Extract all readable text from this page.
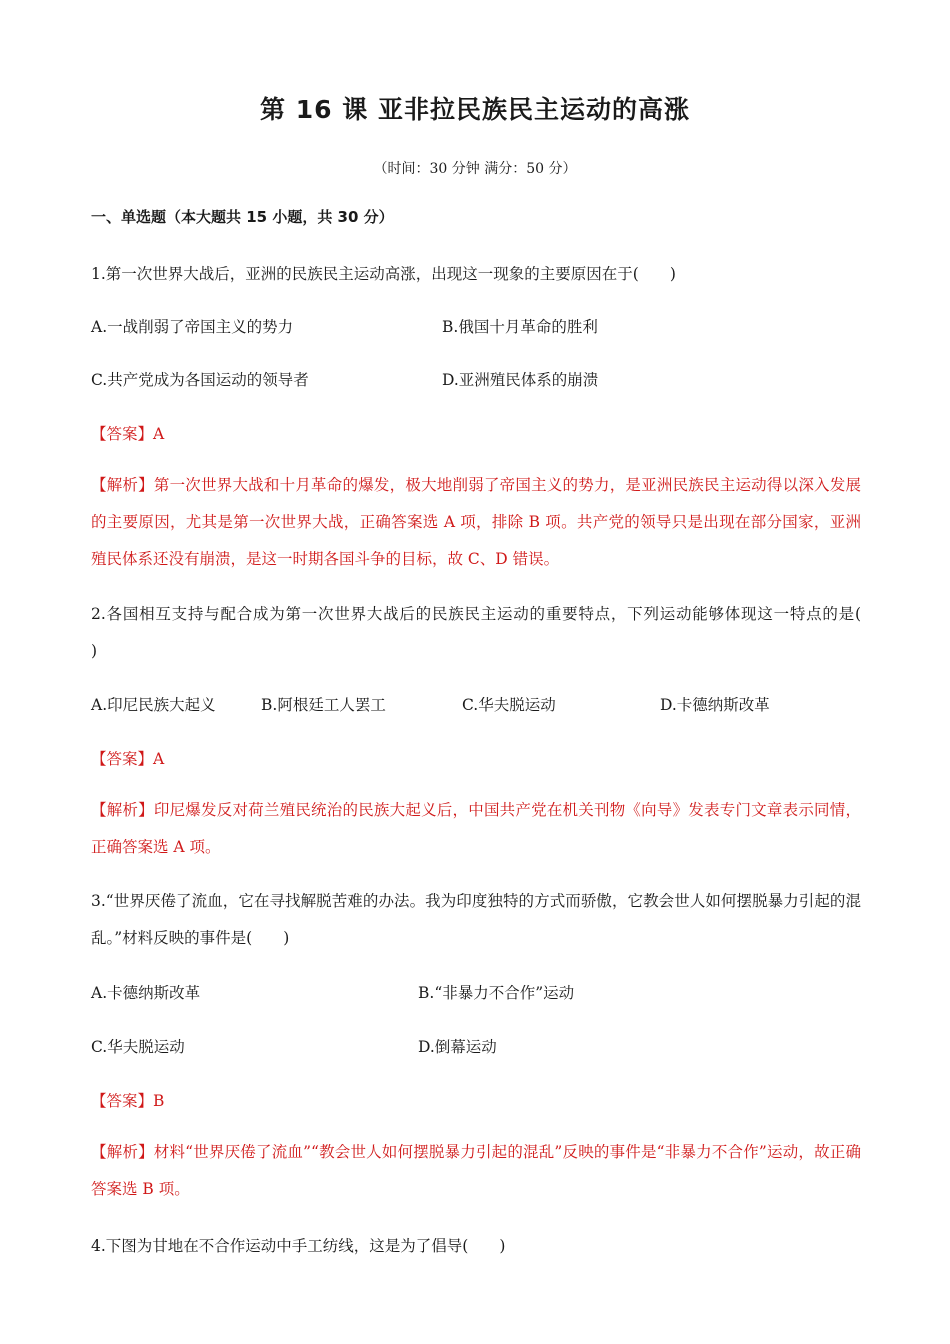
第 16 课 亚非拉民族民主运动的高涨
（时间：30 分钟 满分：50 分）
一、单选题（本大题共 15 小题，共 30 分）
1.第一次世界大战后，亚洲的民族民主运动高涨，出现这一现象的主要原因在于(　　)
A.一战削弱了帝国主义的势力	B.俄国十月革命的胜利
C.共产党成为各国运动的领导者	D.亚洲殖民体系的崩溃
【答案】A
【解析】第一次世界大战和十月革命的爆发，极大地削弱了帝国主义的势力，是亚洲民族民主运动得以深入发展的主要原因，尤其是第一次世界大战，正确答案选 A 项，排除 B 项。共产党的领导只是出现在部分国家，亚洲殖民体系还没有崩溃，是这一时期各国斗争的目标，故 C、D 错误。
2.各国相互支持与配合成为第一次世界大战后的民族民主运动的重要特点，下列运动能够体现这一特点的是(　　)
A.印尼民族大起义	B.阿根廷工人罢工	C.华夫脱运动	D.卡德纳斯改革
【答案】A
【解析】印尼爆发反对荷兰殖民统治的民族大起义后，中国共产党在机关刊物《向导》发表专门文章表示同情，正确答案选 A 项。
3.“世界厌倦了流血，它在寻找解脱苦难的办法。我为印度独特的方式而骄傲，它教会世人如何摆脱暴力引起的混乱。”材料反映的事件是(　　)
A.卡德纳斯改革	B.“非暴力不合作”运动
C.华夫脱运动	D.倒幕运动
【答案】B
【解析】材料“世界厌倦了流血”“教会世人如何摆脱暴力引起的混乱”反映的事件是“非暴力不合作”运动，故正确答案选 B 项。
4.下图为甘地在不合作运动中手工纺线，这是为了倡导(　　)
